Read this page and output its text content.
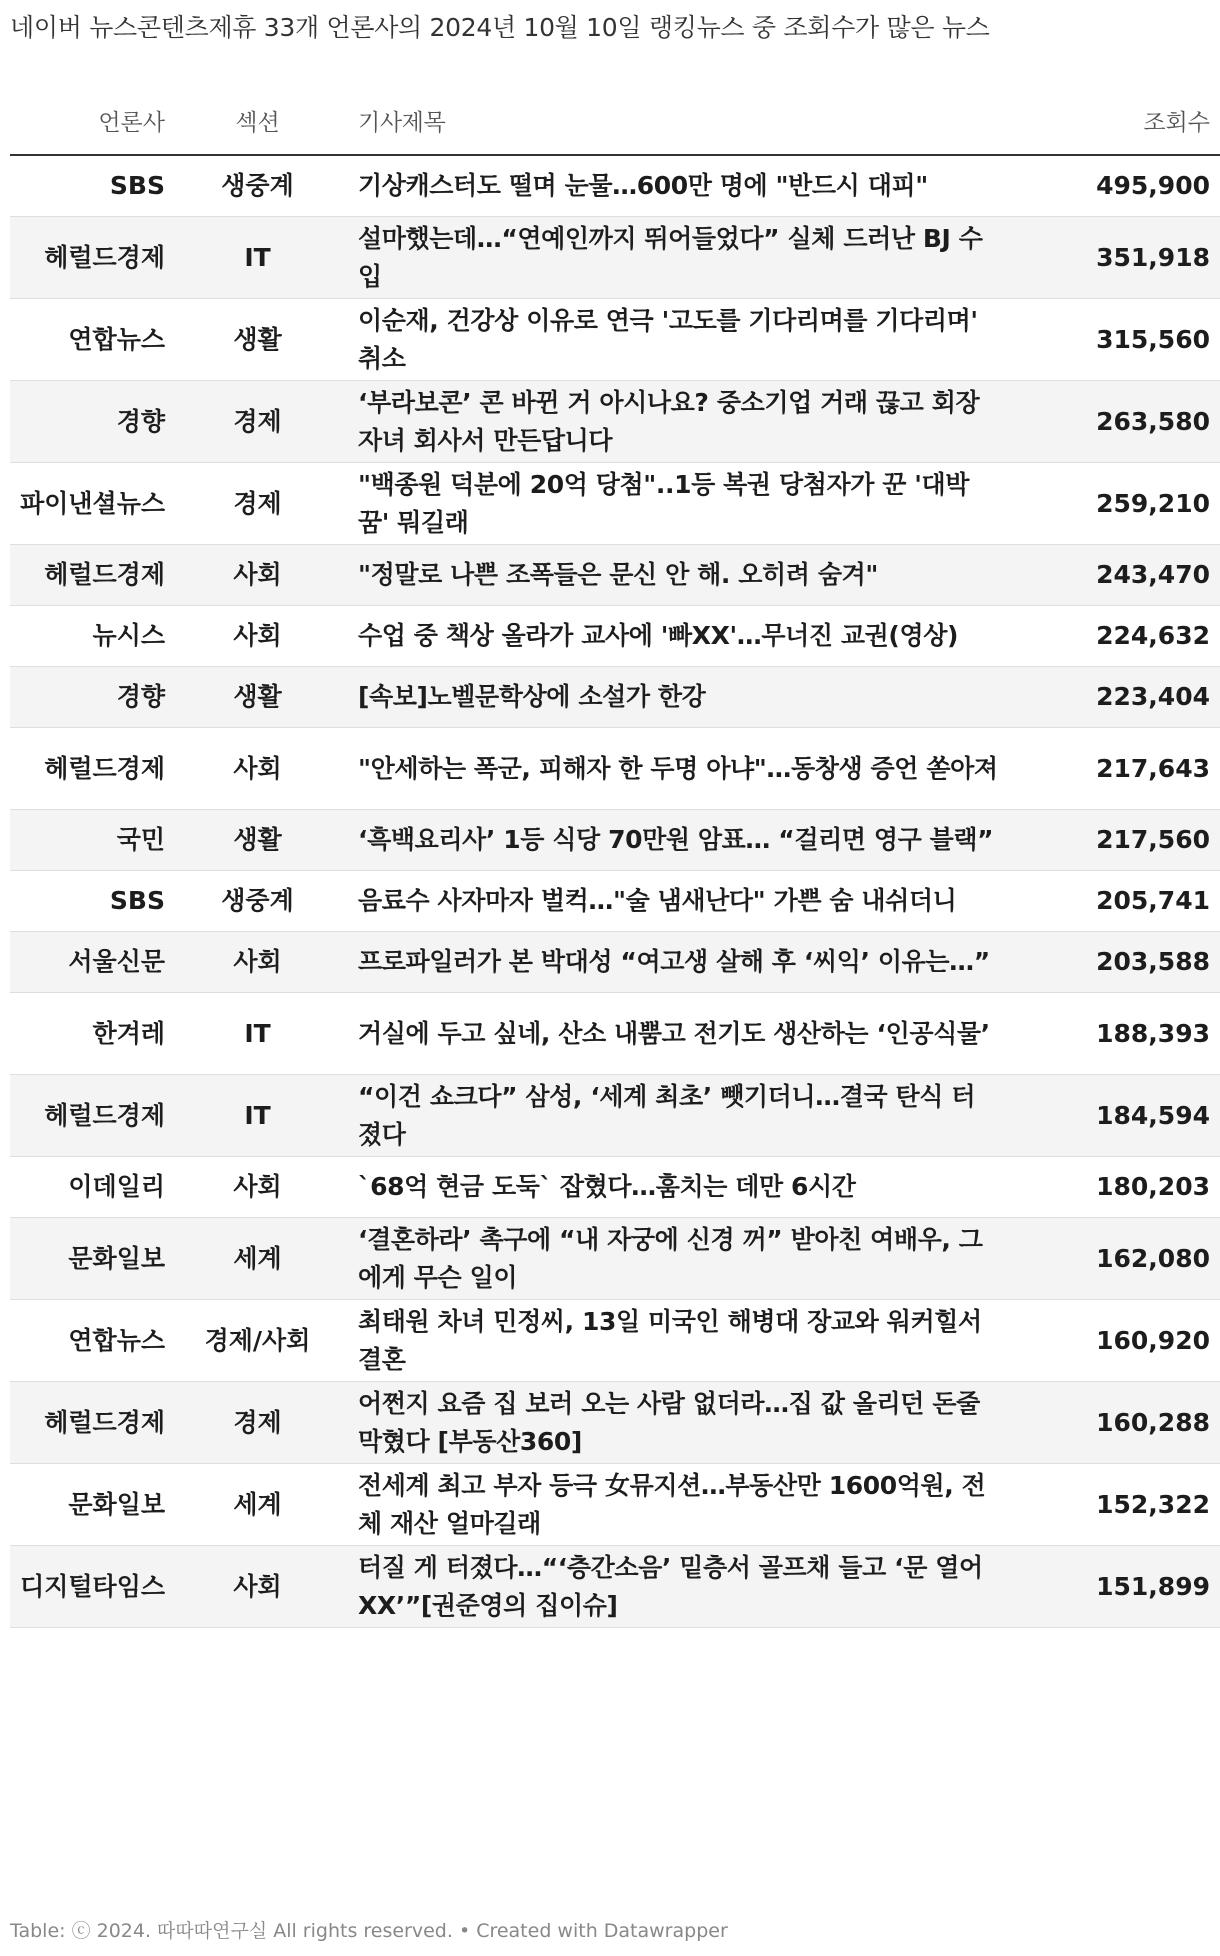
네이버 뉴스콘텐츠제휴 33개 언론사의 2024년 10월 10일 랭킹뉴스 중 조회수가 많은 뉴스
언론사		섹션		기사제목	조회수
SBS		생중계		기상캐스터도 떨며 눈물…600만 명에 "반드시 대피"	495,900
헤럴드경제		IT		설마했는데…“연예인까지 뛰어들었다” 실체 드러난 BJ 수입	351,918
연합뉴스		생활		이순재, 건강상 이유로 연극 '고도를 기다리며를 기다리며' 취소	315,560
경향		경제		‘부라보콘’ 콘 바뀐 거 아시나요? 중소기업 거래 끊고 회장 자녀 회사서 만든답니다	263,580
파이낸셜뉴스		경제		"백종원 덕분에 20억 당첨"..1등 복권 당첨자가 꾼 '대박 꿈' 뭐길래	259,210
헤럴드경제		사회		"정말로 나쁜 조폭들은 문신 안 해. 오히려 숨겨"	243,470
뉴시스		사회		수업 중 책상 올라가 교사에 '빠XX'…무너진 교권(영상)	224,632
경향		생활		[속보]노벨문학상에 소설가 한강	223,404
헤럴드경제		사회		"안세하는 폭군, 피해자 한 두명 아냐"…동창생 증언 쏟아져	217,643
국민		생활		‘흑백요리사’ 1등 식당 70만원 암표… “걸리면 영구 블랙”	217,560
SBS		생중계		음료수 사자마자 벌컥…"술 냄새난다" 가쁜 숨 내쉬더니	205,741
서울신문		사회		프로파일러가 본 박대성 “여고생 살해 후 ‘씨익’ 이유는…”	203,588
한겨레		IT		거실에 두고 싶네, 산소 내뿜고 전기도 생산하는 ‘인공식물’	188,393
헤럴드경제		IT		“이건 쇼크다” 삼성, ‘세계 최초’ 뺏기더니…결국 탄식 터졌다	184,594
이데일리		사회		`68억 현금 도둑` 잡혔다…훔치는 데만 6시간	180,203
문화일보		세계		‘결혼하라’ 촉구에 “내 자궁에 신경 꺼” 받아친 여배우, 그에게 무슨 일이	162,080
연합뉴스		경제/사회		최태원 차녀 민정씨, 13일 미국인 해병대 장교와 워커힐서 결혼	160,920
헤럴드경제		경제		어쩐지 요즘 집 보러 오는 사람 없더라…집 값 올리던 돈줄 막혔다 [부동산360]	160,288
문화일보		세계		전세계 최고 부자 등극 女뮤지션…부동산만 1600억원, 전체 재산 얼마길래	152,322
디지털타임스		사회		터질 게 터졌다…“‘층간소음’ 밑층서 골프채 들고 ‘문 열어XX’”[권준영의 집이슈]	151,899
Table: ⓒ 2024. 따따따연구실 All rights reserved. • Created with Datawrapper
